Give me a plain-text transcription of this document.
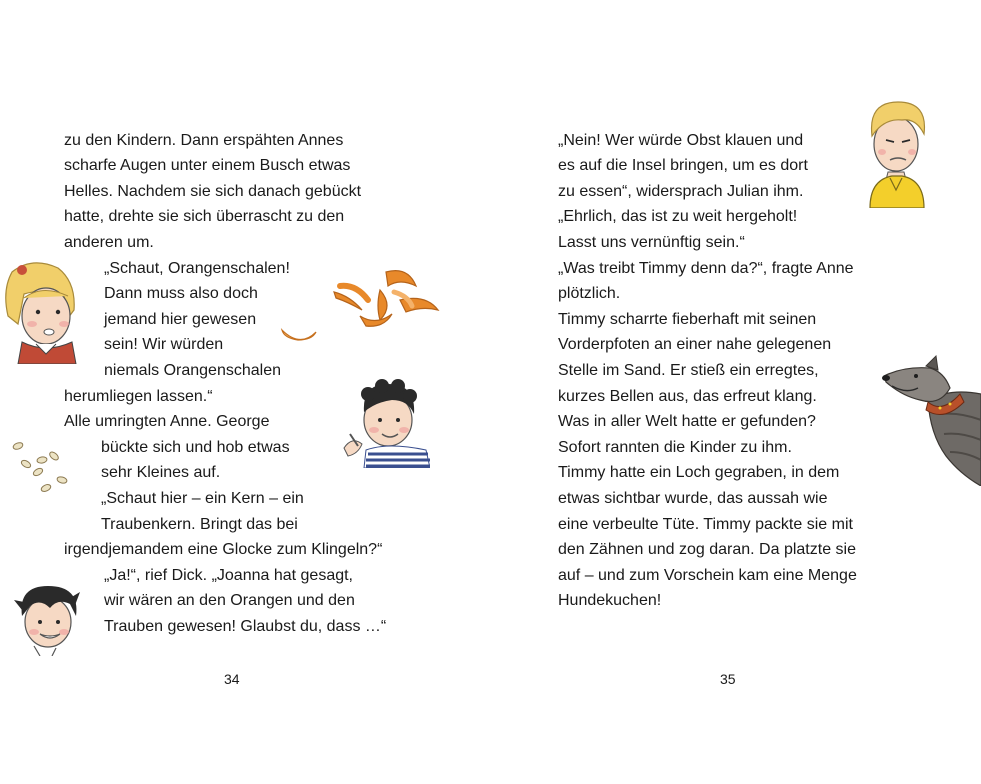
zu den Kindern. Dann erspähten Annes
scharfe Augen unter einem Busch etwas
Helles. Nachdem sie sich danach gebückt
hatte, drehte sie sich überrascht zu den
anderen um.
„Schaut, Orangenschalen!
Dann muss also doch
jemand hier gewesen
sein! Wir würden
niemals Orangenschalen
herumliegen lassen.“
Alle umringten Anne. George
bückte sich und hob etwas
sehr Kleines auf.
„Schaut hier – ein Kern – ein
Traubenkern. Bringt das bei
irgendjemandem eine Glocke zum Klingeln?“
„Ja!“, rief Dick. „Joanna hat gesagt,
wir wären an den Orangen und den
Trauben gewesen! Glaubst du, dass …“
34
„Nein! Wer würde Obst klauen und
es auf die Insel bringen, um es dort
zu essen“, widersprach Julian ihm.
„Ehrlich, das ist zu weit hergeholt!
Lasst uns vernünftig sein.“
„Was treibt Timmy denn da?“, fragte Anne
plötzlich.
Timmy scharrte fieberhaft mit seinen
Vorderpfoten an einer nahe gelegenen
Stelle im Sand. Er stieß ein erregtes,
kurzes Bellen aus, das erfreut klang.
Was in aller Welt hatte er gefunden?
Sofort rannten die Kinder zu ihm.
Timmy hatte ein Loch gegraben, in dem
etwas sichtbar wurde, das aussah wie
eine verbeulte Tüte. Timmy packte sie mit
den Zähnen und zog daran. Da platzte sie
auf – und zum Vorschein kam eine Menge
Hundekuchen!
35
